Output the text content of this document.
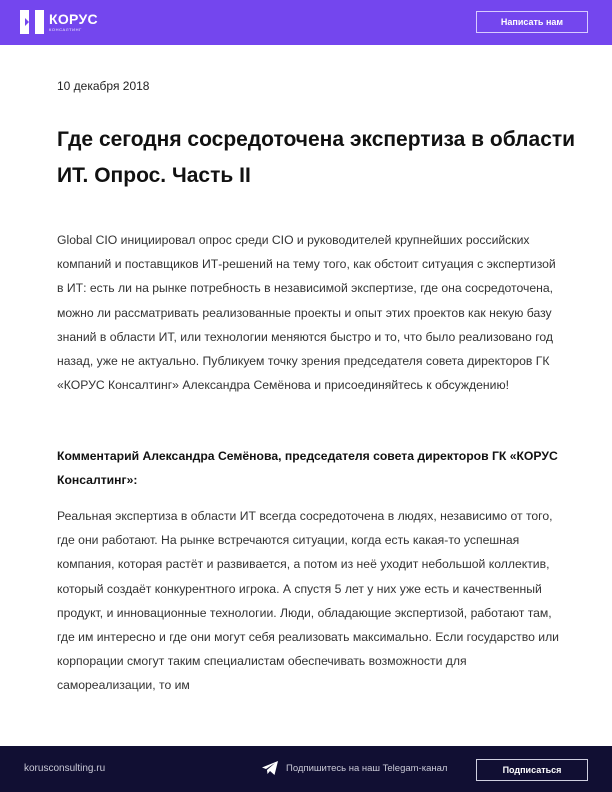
КОРУС
КОНСАЛТИНГ
Написать нам
10 декабря 2018
Где сегодня сосредоточена экспертиза в области ИТ. Опрос. Часть II

Global CIO инициировал опрос среди CIO и руководителей крупнейших российских компаний и поставщиков ИТ-решений на тему того, как обстоит ситуация с экспертизой в ИТ: есть ли на рынке потребность в независимой экспертизе, где она сосредоточена, можно ли рассматривать реализованные проекты и опыт этих проектов как некую базу знаний в области ИТ, или технологии меняются быстро и то, что было реализовано год назад, уже не актуально. Публикуем точку зрения председателя совета директоров ГК «КОРУС Консалтинг» Александра Семёнова и присоединяйтесь к обсуждению!

Комментарий Александра Семёнова, председателя совета директоров ГК «КОРУС Консалтинг»:

Реальная экспертиза в области ИТ всегда сосредоточена в людях, независимо от того, где они работают. На рынке встречаются ситуации, когда есть какая-то успешная компания, которая растёт и развивается, а потом из неё уходит небольшой коллектив, который создаёт конкурентного игрока. А спустя 5 лет у них уже есть и качественный продукт, и инновационные технологии. Люди, обладающие экспертизой, работают там, где им интересно и где они могут себя реализовать максимально. Если государство или корпорации смогут таким специалистам обеспечивать возможности для самореализации, то им

korusconsulting.ru	Подпишитесь на наш Telegam-канал	Подписаться
